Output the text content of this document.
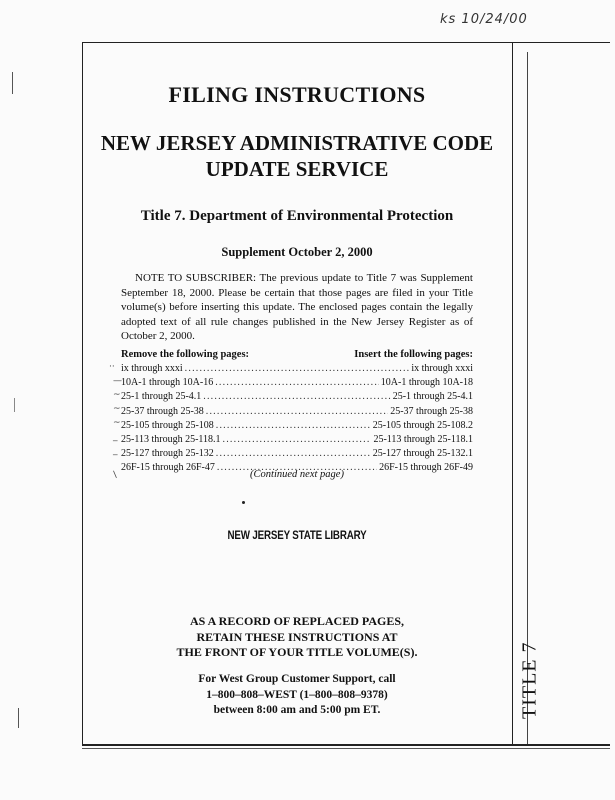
ks 10/24/00
TITLE 7
FILING INSTRUCTIONS
NEW JERSEY ADMINISTRATIVE CODE
UPDATE SERVICE
Title 7. Department of Environmental Protection
Supplement October 2, 2000
NOTE TO SUBSCRIBER: The previous update to Title 7 was Supplement September 18, 2000. Please be certain that those pages are filed in your Title volume(s) before inserting this update. The enclosed pages contain the legally adopted text of all rule changes published in the New Jersey Register as of October 2, 2000.
Remove the following pages:	Insert the following pages:
ix through xxxi .....	ix through xxxi
10A-1 through 10A-16 .....	10A-1 through 10A-18
25-1 through 25-4.1 .....	25-1 through 25-4.1
25-37 through 25-38 .....	25-37 through 25-38
25-105 through 25-108 .....	25-105 through 25-108.2
25-113 through 25-118.1 .....	25-113 through 25-118.1
25-127 through 25-132 .....	25-127 through 25-132.1
26F-15 through 26F-47 .....	26F-15 through 26F-49
··
—
~
~
~
_
_
/	(Continued next page)
NEW JERSEY STATE LIBRARY
AS A RECORD OF REPLACED PAGES,
RETAIN THESE INSTRUCTIONS AT
THE FRONT OF YOUR TITLE VOLUME(S).
For West Group Customer Support, call
1–800–808–WEST (1–800–808–9378)
between 8:00 am and 5:00 pm ET.
